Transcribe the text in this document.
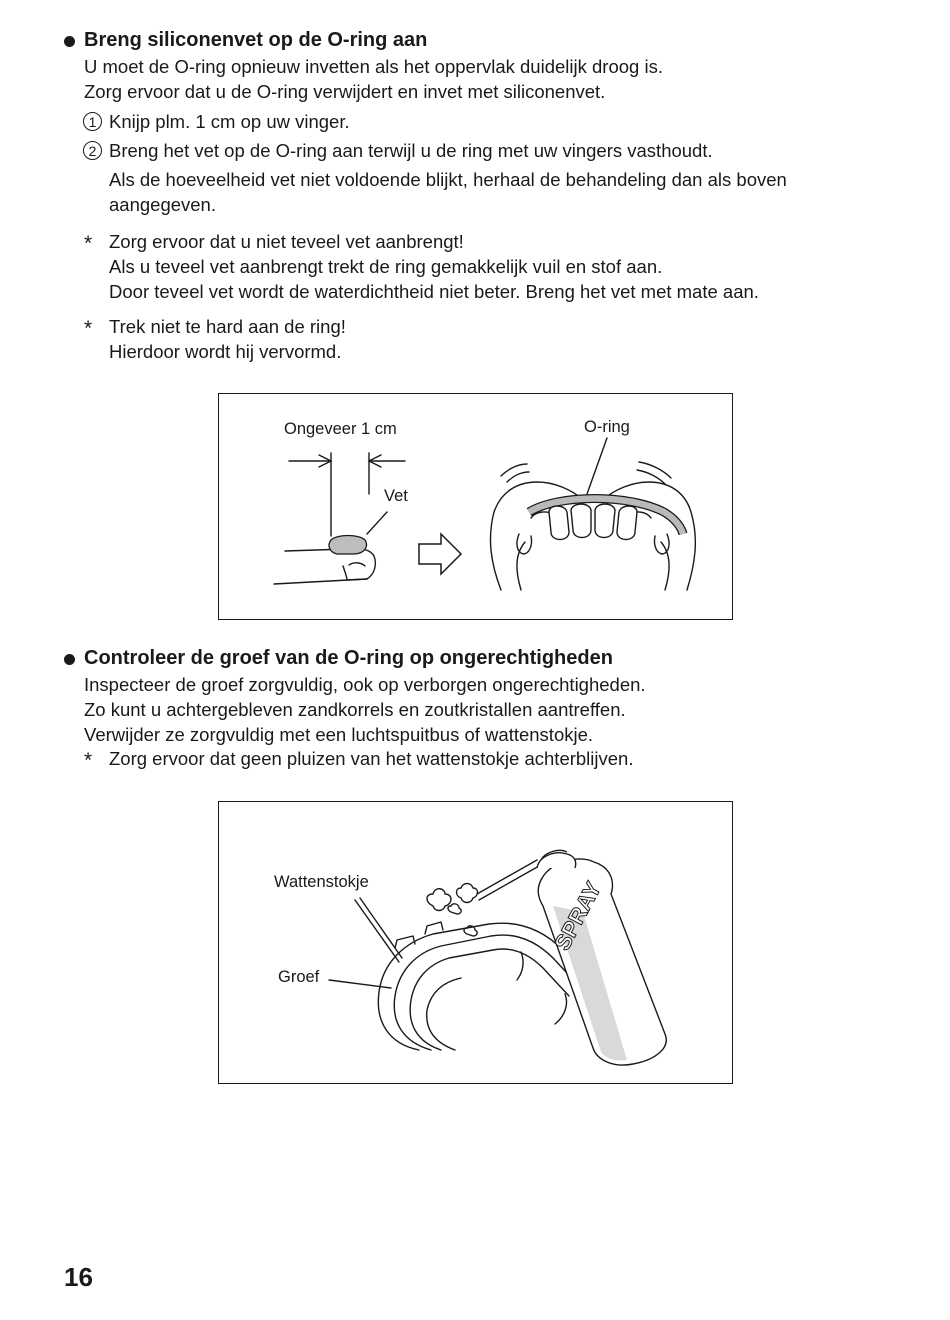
Breng siliconenvet op de O-ring aan
U moet de O-ring opnieuw invetten als het oppervlak duidelijk droog is.
Zorg ervoor dat u de O-ring verwijdert en invet met siliconenvet.
1 Knijp plm. 1 cm op uw vinger.
2 Breng het vet op de O-ring aan terwijl u de ring met uw vingers vasthoudt.
Als de hoeveelheid vet niet voldoende blijkt, herhaal de behandeling dan als boven
aangegeven.
* Zorg ervoor dat u niet teveel vet aanbrengt!
Als u teveel vet aanbrengt trekt de ring gemakkelijk vuil en stof aan.
Door teveel vet wordt de waterdichtheid niet beter. Breng het vet met mate aan.
* Trek niet te hard aan de ring!
Hierdoor wordt hij vervormd.
Ongeveer 1 cm
Vet
O-ring
Controleer de groef van de O-ring op ongerechtigheden
Inspecteer de groef zorgvuldig, ook op verborgen ongerechtigheden.
Zo kunt u achtergebleven zandkorrels en zoutkristallen aantreffen.
Verwijder ze zorgvuldig met een luchtspuitbus of wattenstokje.
* Zorg ervoor dat geen pluizen van het wattenstokje achterblijven.
Wattenstokje
Groef
SPRAY
16
